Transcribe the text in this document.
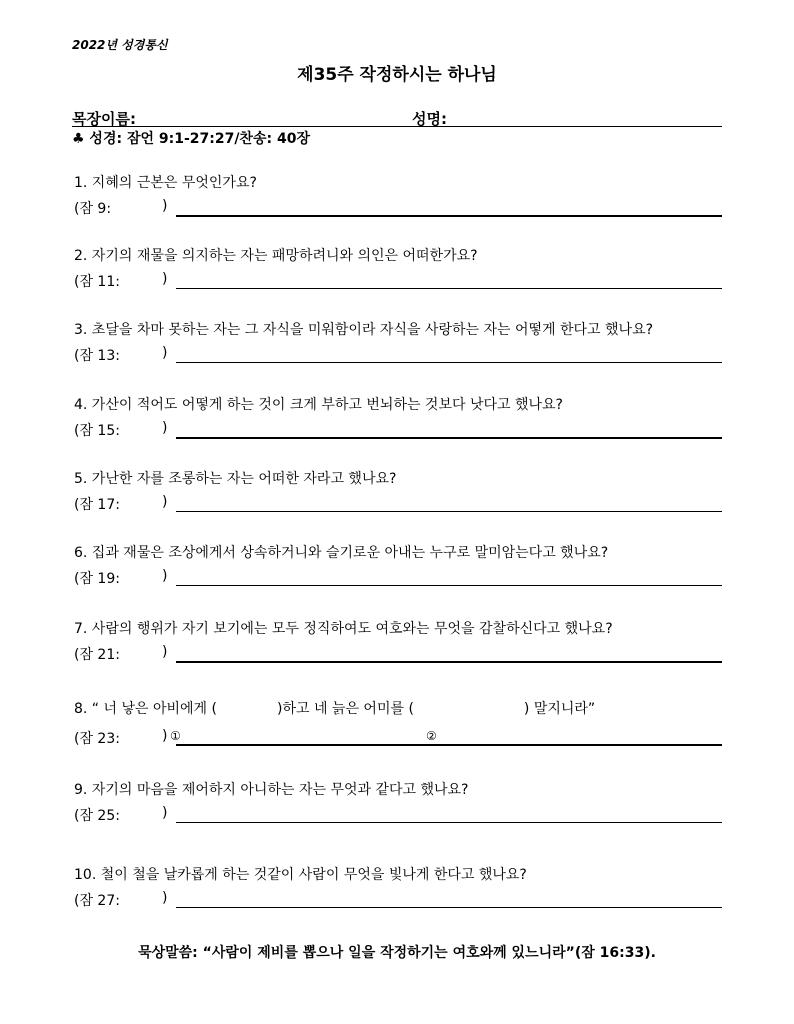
2022년 성경통신
제35주 작정하시는 하나님
목장이름:	성명:
♣ 성경: 잠언 9:1-27:27/찬송: 40장
1. 지혜의 근본은 무엇인가요?
(잠 9:	)
2. 자기의 재물을 의지하는 자는 패망하려니와 의인은 어떠한가요?
(잠 11:	)
3. 초달을 차마 못하는 자는 그 자식을 미워함이라 자식을 사랑하는 자는 어떻게 한다고 했나요?
(잠 13:	)
4. 가산이 적어도 어떻게 하는 것이 크게 부하고 번뇌하는 것보다 낫다고 했나요?
(잠 15:	)
5. 가난한 자를 조롱하는 자는 어떠한 자라고 했나요?
(잠 17:	)
6. 집과 재물은 조상에게서 상속하거니와 슬기로운 아내는 누구로 말미암는다고 했나요?
(잠 19:	)
7. 사람의 행위가 자기 보기에는 모두 정직하여도 여호와는 무엇을 감찰하신다고 했나요?
(잠 21:	)
8. “ 너 낳은 아비에게 (	)하고 네 늙은 어미를 (	) 말지니라”
(잠 23:	) ①	②
9. 자기의 마음을 제어하지 아니하는 자는 무엇과 같다고 했나요?
(잠 25:	)
10. 철이 철을 날카롭게 하는 것같이 사람이 무엇을 빛나게 한다고 했나요?
(잠 27:	)
묵상말씀: “사람이 제비를 뽑으나 일을 작정하기는 여호와께 있느니라”(잠 16:33).
